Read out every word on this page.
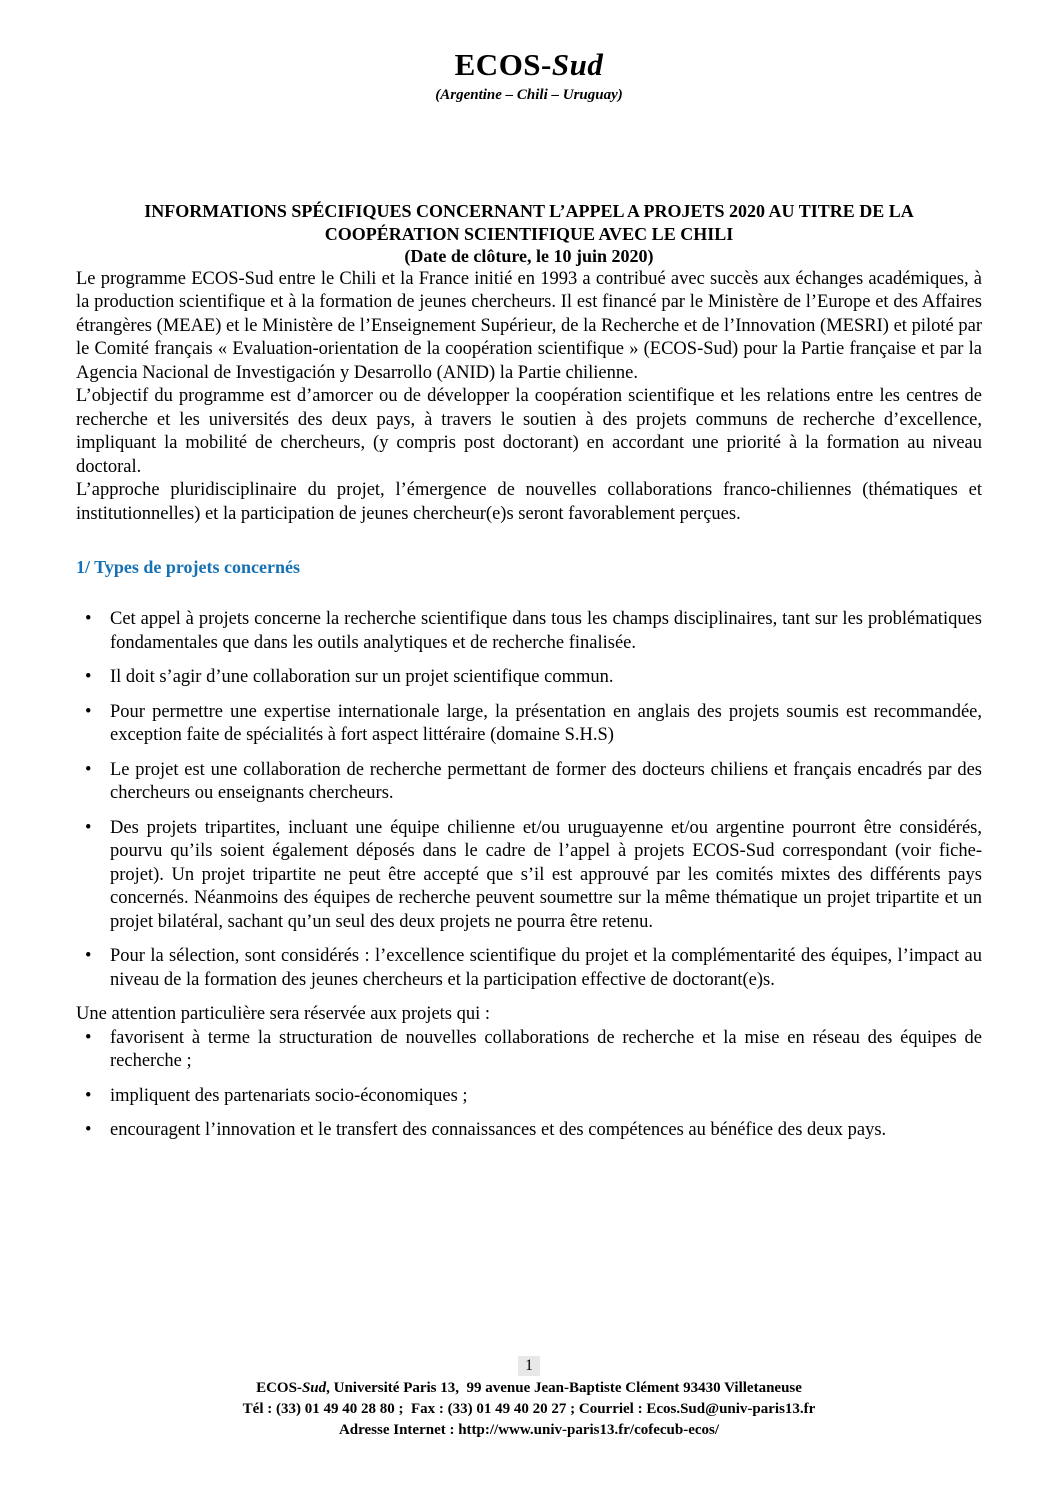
ECOS-Sud
(Argentine – Chili – Uruguay)
INFORMATIONS SPÉCIFIQUES CONCERNANT L’APPEL A PROJETS 2020 AU TITRE DE LA
COOPÉRATION SCIENTIFIQUE AVEC LE CHILI
(Date de clôture, le 10 juin 2020)

Le programme ECOS-Sud entre le Chili et la France initié en 1993 a contribué avec succès aux échanges académiques, à la production scientifique et à la formation de jeunes chercheurs. Il est financé par le Ministère de l’Europe et des Affaires étrangères (MEAE) et le Ministère de l’Enseignement Supérieur, de la Recherche et de l’Innovation (MESRI) et piloté par le Comité français « Evaluation-orientation de la coopération scientifique » (ECOS-Sud) pour la Partie française et par la Agencia Nacional de Investigación y Desarrollo (ANID) la Partie chilienne.

L’objectif du programme est d’amorcer ou de développer la coopération scientifique et les relations entre les centres de recherche et les universités des deux pays, à travers le soutien à des projets communs de recherche d’excellence, impliquant la mobilité de chercheurs, (y compris post doctorant) en accordant une priorité à la formation au niveau doctoral.

L’approche pluridisciplinaire du projet, l’émergence de nouvelles collaborations franco-chiliennes (thématiques et institutionnelles) et la participation de jeunes chercheur(e)s seront favorablement perçues.

1/ Types de projets concernés
• Cet appel à projets concerne la recherche scientifique dans tous les champs disciplinaires, tant sur les problématiques fondamentales que dans les outils analytiques et de recherche finalisée.
• Il doit s’agir d’une collaboration sur un projet scientifique commun.
• Pour permettre une expertise internationale large, la présentation en anglais des projets soumis est recommandée, exception faite de spécialités à fort aspect littéraire (domaine S.H.S)
• Le projet est une collaboration de recherche permettant de former des docteurs chiliens et français encadrés par des chercheurs ou enseignants chercheurs.
• Des projets tripartites, incluant une équipe chilienne et/ou uruguayenne et/ou argentine pourront être considérés, pourvu qu’ils soient également déposés dans le cadre de l’appel à projets ECOS-Sud correspondant (voir fiche-projet). Un projet tripartite ne peut être accepté que s’il est approuvé par les comités mixtes des différents pays concernés. Néanmoins des équipes de recherche peuvent soumettre sur la même thématique un projet tripartite et un projet bilatéral, sachant qu’un seul des deux projets ne pourra être retenu.
• Pour la sélection, sont considérés : l’excellence scientifique du projet et la complémentarité des équipes, l’impact au niveau de la formation des jeunes chercheurs et la participation effective de doctorant(e)s.

Une attention particulière sera réservée aux projets qui :

• favorisent à terme la structuration de nouvelles collaborations de recherche et la mise en réseau des équipes de recherche ;
• impliquent des partenariats socio-économiques ;
• encouragent l’innovation et le transfert des connaissances et des compétences au bénéfice des deux pays.
1
ECOS-Sud, Université Paris 13,  99 avenue Jean-Baptiste Clément 93430 Villetaneuse
Tél : (33) 01 49 40 28 80 ;  Fax : (33) 01 49 40 20 27 ; Courriel : Ecos.Sud@univ-paris13.fr
Adresse Internet : http://www.univ-paris13.fr/cofecub-ecos/
